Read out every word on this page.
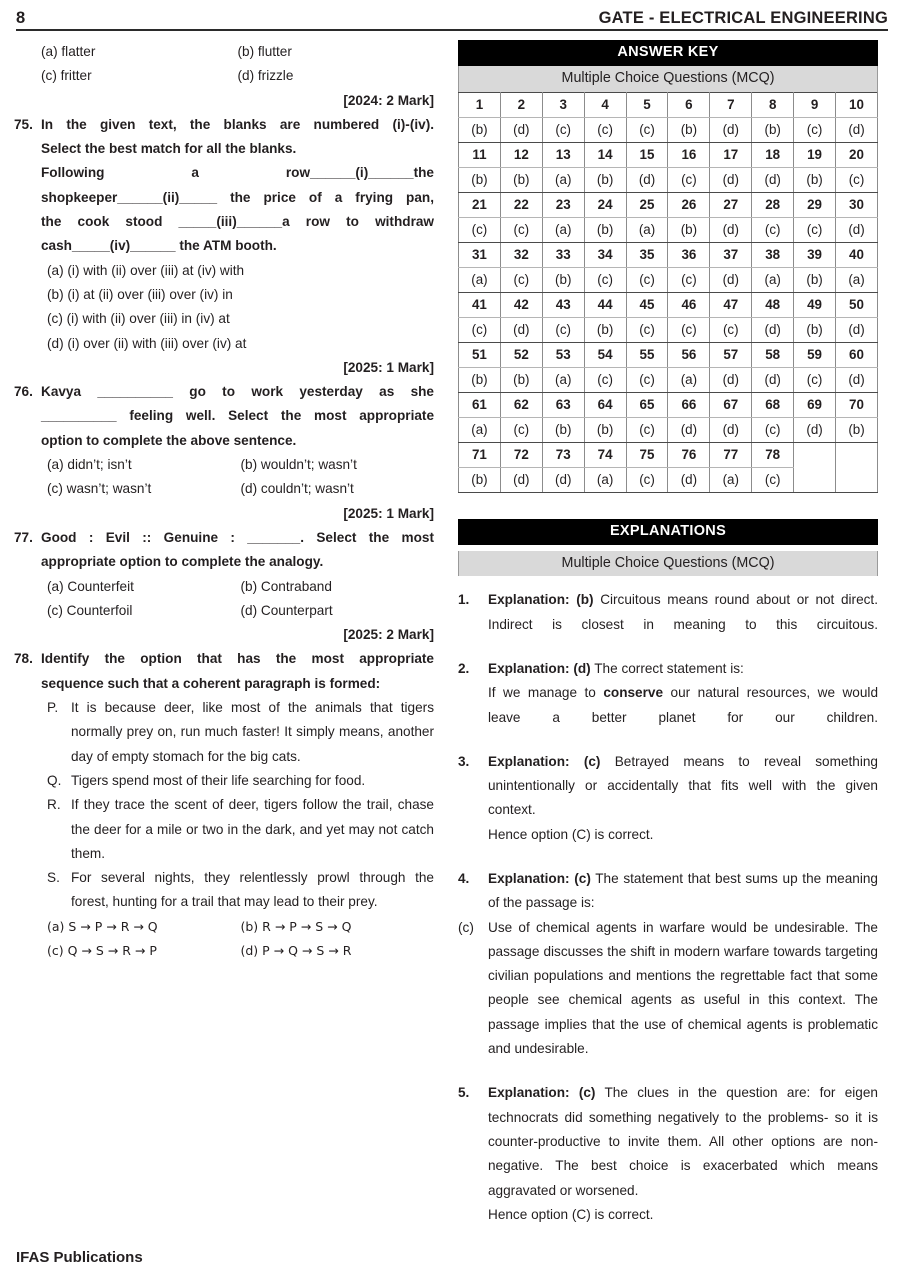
8	GATE - ELECTRICAL ENGINEERING
(a) flatter	(b) flutter
(c) fritter	(d) frizzle

[2024: 2 Mark]

75. In the given text, the blanks are numbered (i)-(iv).

Select the best match for all the blanks.

Following a row______(i)______the

shopkeeper______(ii)_____ the price of a frying pan,

the cook stood _____(iii)______a row to withdraw

cash_____(iv)______ the ATM booth.

(a) (i) with (ii) over (iii) at (iv) with
(b) (i) at (ii) over (iii) over (iv) in
(c) (i) with (ii) over (iii) in (iv) at
(d) (i) over (ii) with (iii) over (iv) at

[2025: 1 Mark]

76. Kavya __________ go to work yesterday as she

__________ feeling well. Select the most appropriate

option to complete the above sentence.

(a) didn’t; isn’t	(b) wouldn’t; wasn’t
(c) wasn’t; wasn’t	(d) couldn’t; wasn’t

[2025: 1 Mark]

77. Good : Evil :: Genuine : _______. Select the most

appropriate option to complete the analogy.

(a) Counterfeit	(b) Contraband
(c) Counterfoil	(d) Counterpart

[2025: 2 Mark]

78. Identify the option that has the most appropriate

sequence such that a coherent paragraph is formed:

P. It is because deer, like most of the animals that tigers normally prey on, run much faster! It simply means, another day of empty stomach for the big cats.
Q. Tigers spend most of their life searching for food.
R. If they trace the scent of deer, tigers follow the trail, chase the deer for a mile or two in the dark, and yet may not catch them.
S. For several nights, they relentlessly prowl through the forest, hunting for a trail that may lead to their prey.
(a) S → P → R → Q	(b) R → P → S → Q
(c) Q → S → R → P	(d) P → Q → S → R
ANSWER KEY
Multiple Choice Questions (MCQ)
1	2	3	4	5	6	7	8	9	10
(b)	(d)	(c)	(c)	(c)	(b)	(d)	(b)	(c)	(d)
11	12	13	14	15	16	17	18	19	20
(b)	(b)	(a)	(b)	(d)	(c)	(d)	(d)	(b)	(c)
21	22	23	24	25	26	27	28	29	30
(c)	(c)	(a)	(b)	(a)	(b)	(d)	(c)	(c)	(d)
31	32	33	34	35	36	37	38	39	40
(a)	(c)	(b)	(c)	(c)	(c)	(d)	(a)	(b)	(a)
41	42	43	44	45	46	47	48	49	50
(c)	(d)	(c)	(b)	(c)	(c)	(c)	(d)	(b)	(d)
51	52	53	54	55	56	57	58	59	60
(b)	(b)	(a)	(c)	(c)	(a)	(d)	(d)	(c)	(d)
61	62	63	64	65	66	67	68	69	70
(a)	(c)	(b)	(b)	(c)	(d)	(d)	(c)	(d)	(b)
71	72	73	74	75	76	77	78		
(b)	(d)	(d)	(a)	(c)	(d)	(a)	(c)		
EXPLANATIONS
Multiple Choice Questions (MCQ)
1.	Explanation: (b) Circuitous means round about or not direct. Indirect is closest in meaning to this circuitous.

2.	Explanation: (d) The correct statement is:

If we manage to conserve our natural resources, we would leave a better planet for our children.

3.	Explanation: (c) Betrayed means to reveal something unintentionally or accidentally that fits well with the given context.

Hence option (C) is correct.

4.	Explanation: (c) The statement that best sums up the meaning of the passage is:

(c)	Use of chemical agents in warfare would be undesirable. The passage discusses the shift in modern warfare towards targeting civilian populations and mentions the regrettable fact that some people see chemical agents as useful in this context. The passage implies that the use of chemical agents is problematic and undesirable.
5.	Explanation: (c) The clues in the question are: for eigen technocrats did something negatively to the problems- so it is counter-productive to invite them. All other options are non-negative. The best choice is exacerbated which means aggravated or worsened.

Hence option (C) is correct.

IFAS Publications
